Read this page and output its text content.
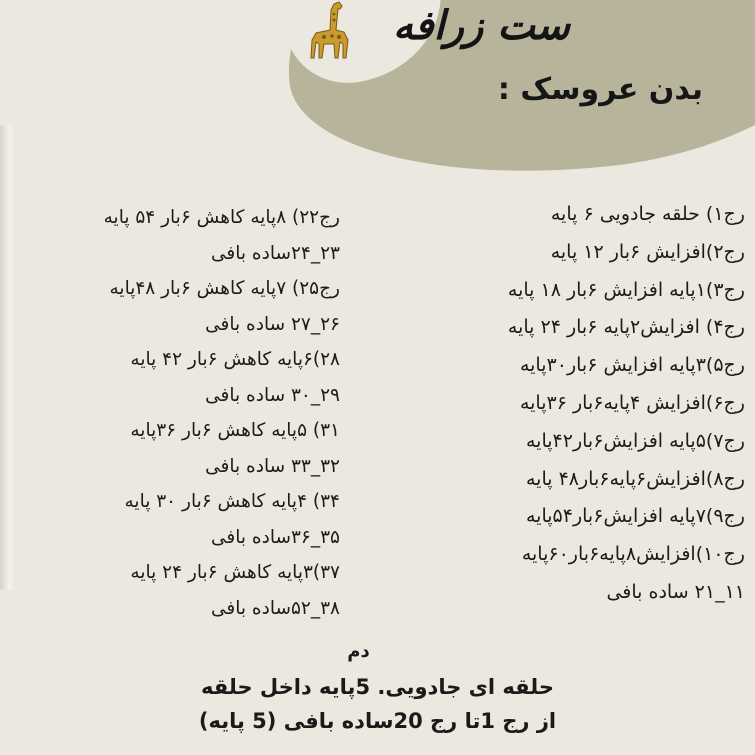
ست زرافه
بدن عروسک :
رج۱) حلقه جادویی ۶ پایه
رج۲)افزایش ۶بار ۱۲ پایه
رج۳)۱پایه افزایش ۶بار ۱۸ پایه
رج۴) افزایش۲پایه ۶بار ۲۴ پایه
رج۵)۳پایه افزایش ۶بار۳۰پایه
رج۶)افزایش ۴پایه۶بار ۳۶پایه
رج۷)۵پایه افزایش۶بار۴۲پایه
رج۸)افزایش۶پایه۶بار۴۸ پایه
رج۹)۷پایه افزایش۶بار۵۴پایه
رج۱۰)افزایش۸پایه۶بار۶۰پایه
۱۱_۲۱ ساده بافی
رج۲۲) ۸پایه کاهش ۶بار ۵۴ پایه
۲۳_۲۴ساده بافی
رج۲۵) ۷پایه کاهش ۶بار ۴۸پایه
۲۶_۲۷ ساده بافی
۲۸)۶پایه کاهش ۶بار ۴۲ پایه
۲۹_۳۰ ساده بافی
۳۱) ۵پایه کاهش ۶بار ۳۶پایه
۳۲_۳۳ ساده بافی
۳۴) ۴پایه کاهش ۶بار ۳۰ پایه
۳۵_۳۶ساده بافی
۳۷)۳پایه کاهش ۶بار ۲۴ پایه
۳۸_۵۲ساده بافی
دم
حلقه ای جادویی. 5پایه داخل حلقه
از رج 1تا رج 20ساده بافی (5 پایه)
